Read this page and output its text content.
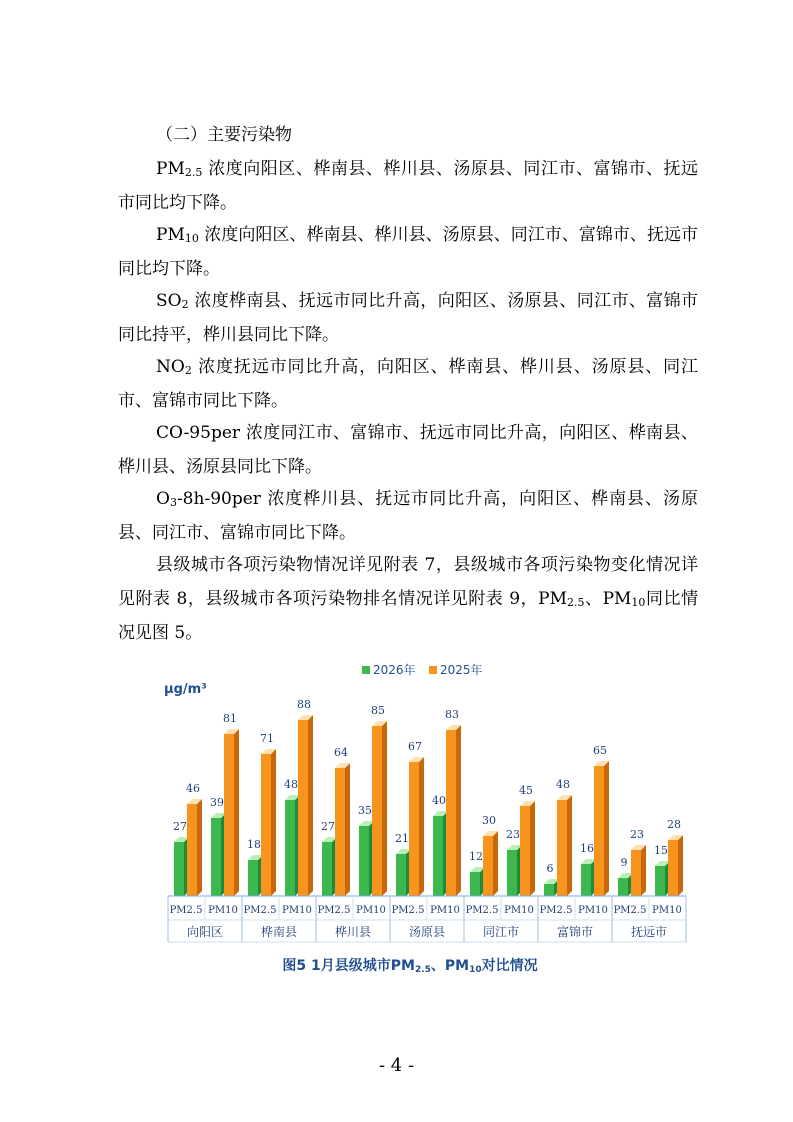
（二）主要污染物

$PM_{2.5}$ 浓度向阳区、桦南县、桦川县、汤原县、同江市、富锦市、抚远市同比均下降。

$PM_{10}$ 浓度向阳区、桦南县、桦川县、汤原县、同江市、富锦市、抚远市同比均下降。

$SO_2$ 浓度桦南县、抚远市同比升高，向阳区、汤原县、同江市、富锦市同比持平，桦川县同比下降。

$NO_2$ 浓度抚远市同比升高，向阳区、桦南县、桦川县、汤原县、同江市、富锦市同比下降。

CO-95per 浓度同江市、富锦市、抚远市同比升高，向阳区、桦南县、桦川县、汤原县同比下降。

$O_3-8h-90per$ 浓度桦川县、抚远市同比升高，向阳区、桦南县、汤原县、同江市、富锦市同比下降。

县级城市各项污染物情况详见附表 7，县级城市各项污染物变化情况详见附表 8，县级城市各项污染物排名情况详见附表 9，$PM_{2.5}$、$PM_{10}$同比情况见图 5。

2026年 2025年
μg/m³
27
46
39
81
18
71
48
88
27
64
35
85
21
67
40
83
12
30
23
45
6
48
16
65
9
23
15
28
PM2.5 PM10
向阳区
PM2.5 PM10
桦南县
PM2.5 PM10
桦川县
PM2.5 PM10
汤原县
PM2.5 PM10
同江市
PM2.5 PM10
富锦市
PM2.5 PM10
抚远市
图5 1月县级城市$PM_{2.5}$、$PM_{10}$对比情况
- 4 -
